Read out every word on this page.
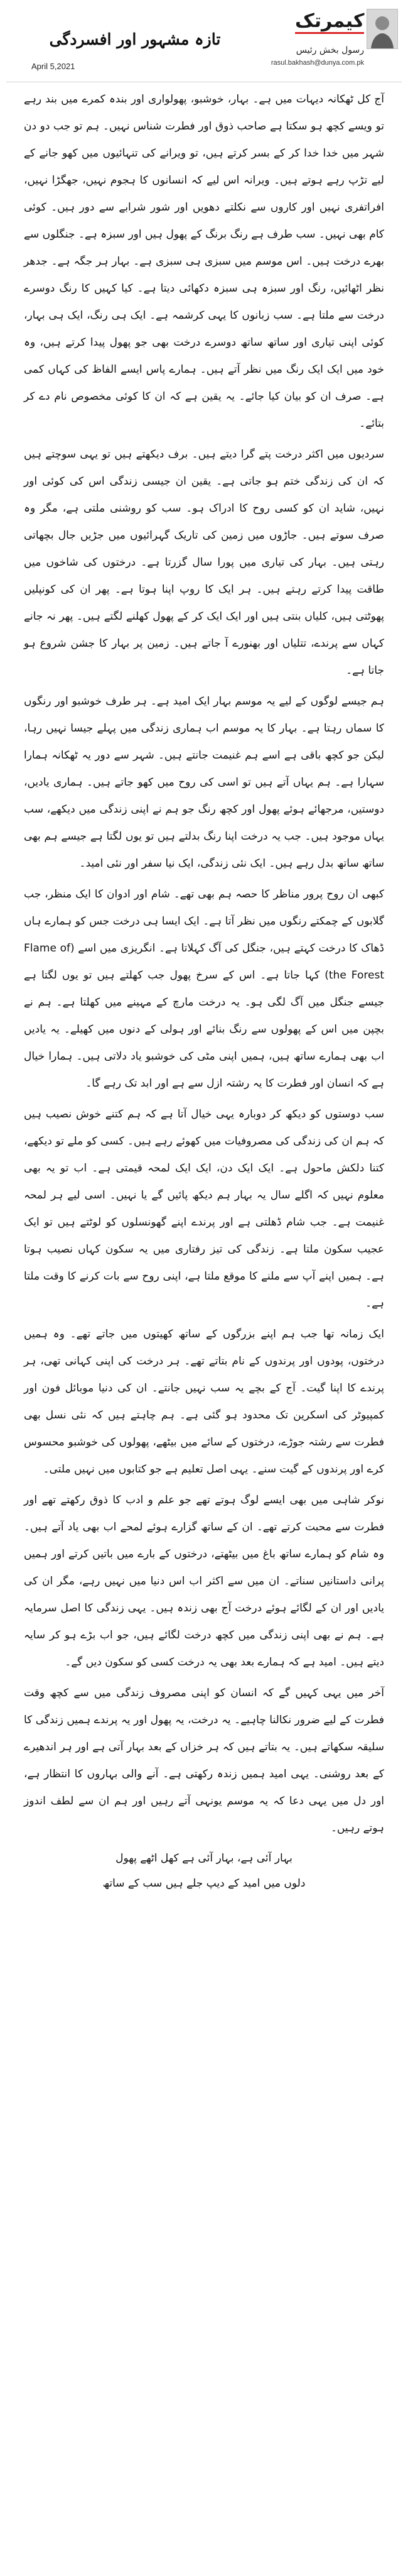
کیمرتک
تازہ مشہور اور افسردگی
رسول بخش رئیس
rasul.bakhash@dunya.com.pk
April 5,2021

آج کل ٹھکانہ دیہات میں ہے۔ بہار، خوشبو، پھولواری اور بندہ کمرے میں بند رہے تو ویسے کچھ ہو سکتا ہے صاحب ذوق اور فطرت شناس نہیں۔ ہم تو جب دو دن شہر میں خدا خدا کر کے بسر کرتے ہیں، تو ویرانے کی تنہائیوں میں کھو جانے کے لیے تڑپ رہے ہوتے ہیں۔ ویرانہ اس لیے کہ انسانوں کا ہجوم نہیں، جھگڑا نہیں، افراتفری نہیں اور کاروں سے نکلتے دھویں اور شور شرابے سے دور ہیں۔ کوئی کام بھی نہیں۔ سب طرف ہے رنگ برنگ کے پھول ہیں اور سبزہ ہے۔ جنگلوں سے بھرے درخت ہیں۔ اس موسم میں سبزی ہی سبزی ہے۔ بہار ہر جگہ ہے۔ جدھر نظر اٹھائیں، رنگ اور سبزہ ہی سبزہ دکھائی دیتا ہے۔ کیا کہیں کا رنگ دوسرے درخت سے ملتا ہے۔ سب زبانوں کا یہی کرشمہ ہے۔ ایک ہی رنگ، ایک ہی بہار، کوئی اپنی تیاری اور ساتھ ساتھ دوسرے درخت بھی جو پھول پیدا کرتے ہیں، وہ خود میں ایک ایک رنگ میں نظر آتے ہیں۔ ہمارے پاس ایسے الفاظ کی کہاں کمی ہے۔ صرف ان کو بیان کیا جائے۔ یہ یقین ہے کہ ان کا کوئی مخصوص نام دے کر بتائے۔

سردیوں میں اکثر درخت پتے گرا دیتے ہیں۔ برف دیکھتے ہیں تو یہی سوچتے ہیں کہ ان کی زندگی ختم ہو جاتی ہے۔ یقین ان جیسی زندگی اس کی کوئی اور نہیں، شاید ان کو کسی روح کا ادراک ہو۔ سب کو روشنی ملتی ہے، مگر وہ صرف سوتے ہیں۔ جاڑوں میں زمین کی تاریک گہرائیوں میں جڑیں جال بچھاتی رہتی ہیں۔ بہار کی تیاری میں پورا سال گزرتا ہے۔ درختوں کی شاخوں میں طاقت پیدا کرتے رہتے ہیں۔ ہر ایک کا روپ اپنا ہوتا ہے۔ پھر ان کی کونپلیں پھوٹتی ہیں، کلیاں بنتی ہیں اور ایک ایک کر کے پھول کھلنے لگتے ہیں۔ پھر نہ جانے کہاں سے پرندے، تتلیاں اور بھنورے آ جاتے ہیں۔ زمین پر بہار کا جشن شروع ہو جاتا ہے۔

ہم جیسے لوگوں کے لیے یہ موسم بہار ایک امید ہے۔ ہر طرف خوشبو اور رنگوں کا سماں رہتا ہے۔ بہار کا یہ موسم اب ہماری زندگی میں پہلے جیسا نہیں رہا، لیکن جو کچھ باقی ہے اسے ہم غنیمت جانتے ہیں۔ شہر سے دور یہ ٹھکانہ ہمارا سہارا ہے۔ ہم یہاں آتے ہیں تو اسی کی روح میں کھو جاتے ہیں۔ ہماری یادیں، دوستیں، مرجھائے ہوئے پھول اور کچھ رنگ جو ہم نے اپنی زندگی میں دیکھے، سب یہاں موجود ہیں۔ جب یہ درخت اپنا رنگ بدلتے ہیں تو یوں لگتا ہے جیسے ہم بھی ساتھ ساتھ بدل رہے ہیں۔ ایک نئی زندگی، ایک نیا سفر اور نئی امید۔

کبھی ان روح پرور مناظر کا حصہ ہم بھی تھے۔ شام اور ادوان کا ایک منظر، جب گلابوں کے چمکتے رنگوں میں نظر آتا ہے۔ ایک ایسا ہی درخت جس کو ہمارے ہاں ڈھاک کا درخت کہتے ہیں، جنگل کی آگ کہلاتا ہے۔ انگریزی میں اسے (Flame of the Forest) کہا جاتا ہے۔ اس کے سرخ پھول جب کھلتے ہیں تو یوں لگتا ہے جیسے جنگل میں آگ لگی ہو۔ یہ درخت مارچ کے مہینے میں کھلتا ہے۔ ہم نے بچپن میں اس کے پھولوں سے رنگ بنائے اور ہولی کے دنوں میں کھیلے۔ یہ یادیں اب بھی ہمارے ساتھ ہیں، ہمیں اپنی مٹی کی خوشبو یاد دلاتی ہیں۔ ہمارا خیال ہے کہ انسان اور فطرت کا یہ رشتہ ازل سے ہے اور ابد تک رہے گا۔

سب دوستوں کو دیکھ کر دوبارہ یہی خیال آتا ہے کہ ہم کتنے خوش نصیب ہیں کہ ہم ان کی زندگی کی مصروفیات میں کھوئے رہے ہیں۔ کسی کو ملے تو دیکھے، کتنا دلکش ماحول ہے۔ ایک ایک دن، ایک ایک لمحہ قیمتی ہے۔ اب تو یہ بھی معلوم نہیں کہ اگلے سال یہ بہار ہم دیکھ پائیں گے یا نہیں۔ اسی لیے ہر لمحہ غنیمت ہے۔ جب شام ڈھلتی ہے اور پرندے اپنے گھونسلوں کو لوٹتے ہیں تو ایک عجیب سکون ملتا ہے۔ زندگی کی تیز رفتاری میں یہ سکون کہاں نصیب ہوتا ہے۔ ہمیں اپنے آپ سے ملنے کا موقع ملتا ہے، اپنی روح سے بات کرنے کا وقت ملتا ہے۔

ایک زمانہ تھا جب ہم اپنے بزرگوں کے ساتھ کھیتوں میں جاتے تھے۔ وہ ہمیں درختوں، پودوں اور پرندوں کے نام بتاتے تھے۔ ہر درخت کی اپنی کہانی تھی، ہر پرندے کا اپنا گیت۔ آج کے بچے یہ سب نہیں جانتے۔ ان کی دنیا موبائل فون اور کمپیوٹر کی اسکرین تک محدود ہو گئی ہے۔ ہم چاہتے ہیں کہ نئی نسل بھی فطرت سے رشتہ جوڑے، درختوں کے سائے میں بیٹھے، پھولوں کی خوشبو محسوس کرے اور پرندوں کے گیت سنے۔ یہی اصل تعلیم ہے جو کتابوں میں نہیں ملتی۔

نوکر شاہی میں بھی ایسے لوگ ہوتے تھے جو علم و ادب کا ذوق رکھتے تھے اور فطرت سے محبت کرتے تھے۔ ان کے ساتھ گزارے ہوئے لمحے اب بھی یاد آتے ہیں۔ وہ شام کو ہمارے ساتھ باغ میں بیٹھتے، درختوں کے بارے میں باتیں کرتے اور ہمیں پرانی داستانیں سناتے۔ ان میں سے اکثر اب اس دنیا میں نہیں رہے، مگر ان کی یادیں اور ان کے لگائے ہوئے درخت آج بھی زندہ ہیں۔ یہی زندگی کا اصل سرمایہ ہے۔ ہم نے بھی اپنی زندگی میں کچھ درخت لگائے ہیں، جو اب بڑے ہو کر سایہ دیتے ہیں۔ امید ہے کہ ہمارے بعد بھی یہ درخت کسی کو سکون دیں گے۔

آخر میں یہی کہیں گے کہ انسان کو اپنی مصروف زندگی میں سے کچھ وقت فطرت کے لیے ضرور نکالنا چاہیے۔ یہ درخت، یہ پھول اور یہ پرندے ہمیں زندگی کا سلیقہ سکھاتے ہیں۔ یہ بتاتے ہیں کہ ہر خزاں کے بعد بہار آتی ہے اور ہر اندھیرے کے بعد روشنی۔ یہی امید ہمیں زندہ رکھتی ہے۔ آنے والی بہاروں کا انتظار ہے، اور دل میں یہی دعا کہ یہ موسم یونہی آتے رہیں اور ہم ان سے لطف اندوز ہوتے رہیں۔

بہار آئی ہے، بہار آئی ہے کھل اٹھے پھول
دلوں میں امید کے دیپ جلے ہیں سب کے ساتھ
